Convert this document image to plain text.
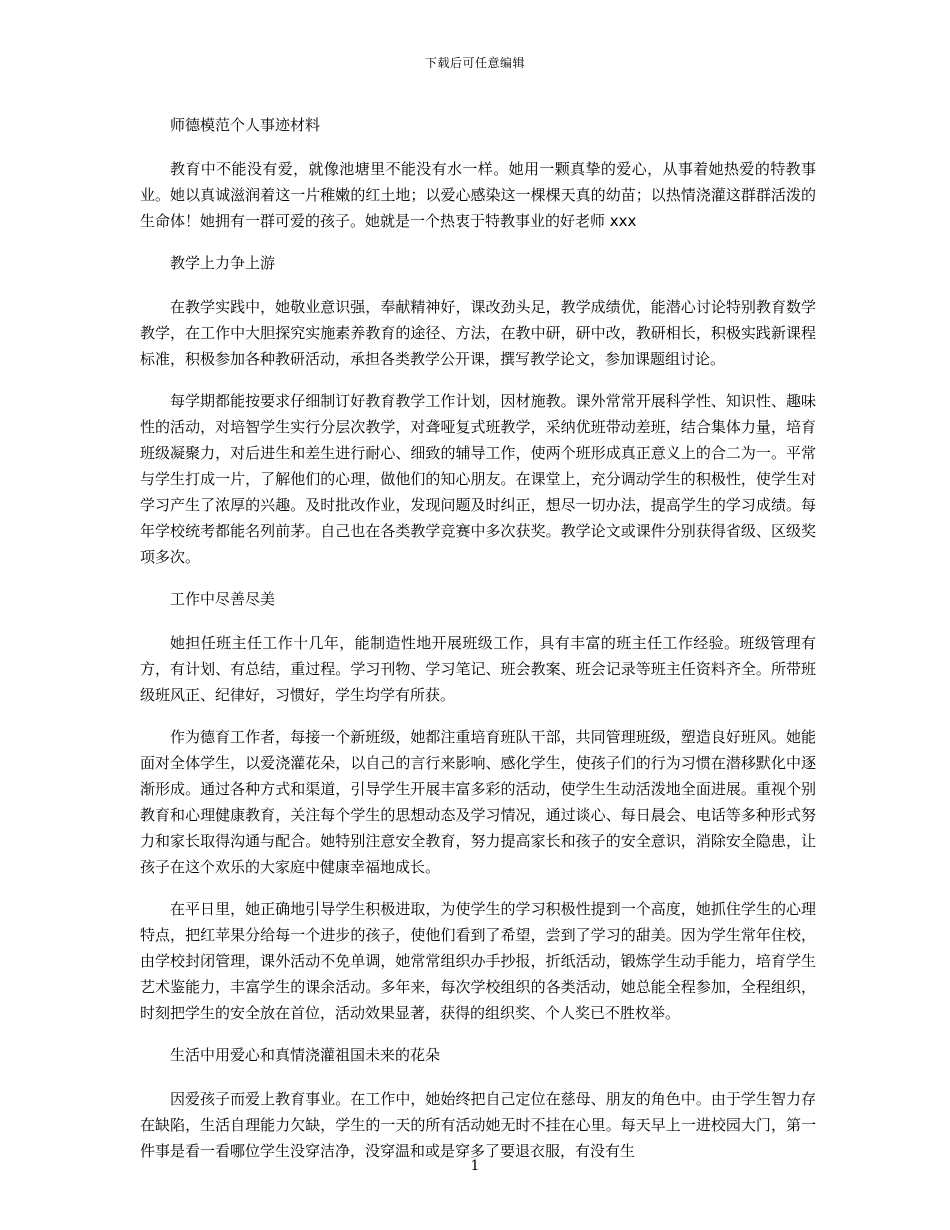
下载后可任意编辑
师德模范个人事迹材料

教育中不能没有爱，就像池塘里不能没有水一样。她用一颗真挚的爱心，从事着她热爱的特教事业。她以真诚滋润着这一片稚嫩的红土地；以爱心感染这一棵棵天真的幼苗；以热情浇灌这群群活泼的生命体！她拥有一群可爱的孩子。她就是一个热衷于特教事业的好老师 xxx

教学上力争上游

在教学实践中，她敬业意识强，奉献精神好，课改劲头足，教学成绩优，能潜心讨论特别教育数学教学，在工作中大胆探究实施素养教育的途径、方法，在教中研，研中改，教研相长，积极实践新课程标准，积极参加各种教研活动，承担各类教学公开课，撰写教学论文，参加课题组讨论。

每学期都能按要求仔细制订好教育教学工作计划，因材施教。课外常常开展科学性、知识性、趣味性的活动，对培智学生实行分层次教学，对聋哑复式班教学，采纳优班带动差班，结合集体力量，培育班级凝聚力，对后进生和差生进行耐心、细致的辅导工作，使两个班形成真正意义上的合二为一。平常与学生打成一片，了解他们的心理，做他们的知心朋友。在课堂上，充分调动学生的积极性，使学生对学习产生了浓厚的兴趣。及时批改作业，发现问题及时纠正，想尽一切办法，提高学生的学习成绩。每年学校统考都能名列前茅。自己也在各类教学竞赛中多次获奖。教学论文或课件分别获得省级、区级奖项多次。

工作中尽善尽美

她担任班主任工作十几年，能制造性地开展班级工作，具有丰富的班主任工作经验。班级管理有方，有计划、有总结，重过程。学习刊物、学习笔记、班会教案、班会记录等班主任资料齐全。所带班级班风正、纪律好，习惯好，学生均学有所获。

作为德育工作者，每接一个新班级，她都注重培育班队干部，共同管理班级，塑造良好班风。她能面对全体学生，以爱浇灌花朵，以自己的言行来影响、感化学生，使孩子们的行为习惯在潜移默化中逐渐形成。通过各种方式和渠道，引导学生开展丰富多彩的活动，使学生生动活泼地全面进展。重视个别教育和心理健康教育，关注每个学生的思想动态及学习情况，通过谈心、每日晨会、电话等多种形式努力和家长取得沟通与配合。她特别注意安全教育，努力提高家长和孩子的安全意识，消除安全隐患，让孩子在这个欢乐的大家庭中健康幸福地成长。

在平日里，她正确地引导学生积极进取，为使学生的学习积极性提到一个高度，她抓住学生的心理特点，把红苹果分给每一个进步的孩子，使他们看到了希望，尝到了学习的甜美。因为学生常年住校，由学校封闭管理，课外活动不免单调，她常常组织办手抄报，折纸活动，锻炼学生动手能力，培育学生艺术鉴能力，丰富学生的课余活动。多年来，每次学校组织的各类活动，她总能全程参加，全程组织，时刻把学生的安全放在首位，活动效果显著，获得的组织奖、个人奖已不胜枚举。

生活中用爱心和真情浇灌祖国未来的花朵

因爱孩子而爱上教育事业。在工作中，她始终把自己定位在慈母、朋友的角色中。由于学生智力存在缺陷，生活自理能力欠缺，学生的一天的所有活动她无时不挂在心里。每天早上一进校园大门，第一件事是看一看哪位学生没穿洁净，没穿温和或是穿多了要退衣服，有没有生

1
